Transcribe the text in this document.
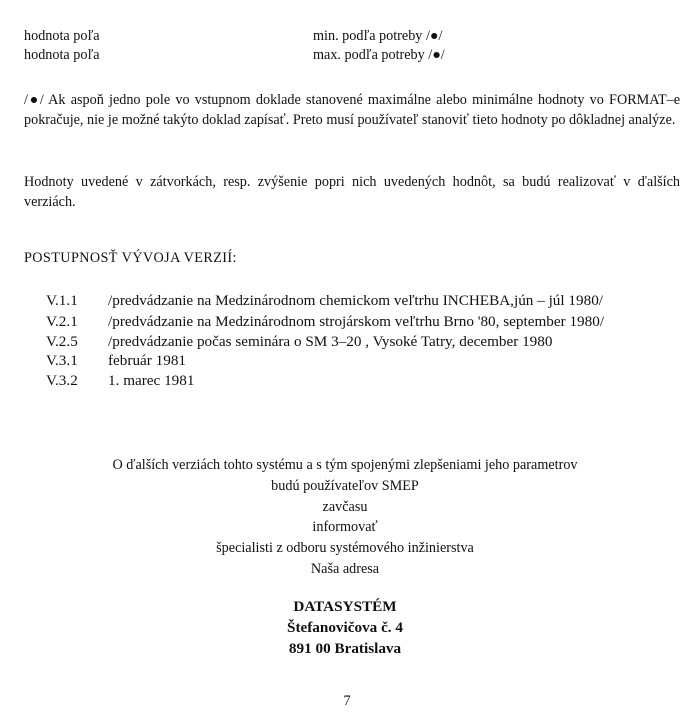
hodnota poľa	min. podľa potreby /●/
hodnota poľa	max. podľa potreby /●/
/●/ Ak aspoň jedno pole vo vstupnom doklade stanovené maximálne alebo minimálne hodnoty vo FORMAT–e pokračuje, nie je možné takýto doklad zapísať. Preto musí používateľ stanoviť tieto hodnoty po dôkladnej analýze.
Hodnoty uvedené v zátvorkách, resp. zvýšenie popri nich uvedených hodnôt, sa budú realizovať v ďalších verziách.
POSTUPNOSŤ VÝVOJA VERZIÍ:
V.1.1 /predvádzanie na Medzinárodnom chemickom veľtrhu INCHEBA,jún – júl 1980/
V.2.1 /predvádzanie na Medzinárodnom strojárskom veľtrhu Brno '80, september 1980/
V.2.5 /predvádzanie počas seminára o SM 3–20 , Vysoké Tatry, december 1980
V.3.1 február 1981
V.3.2 1. marec 1981
O ďalších verziách tohto systému a s tým spojenými zlepšeniami jeho parametrov
budú používateľov SMEP
zavčasu
informovať
špecialisti z odboru systémového inžinierstva
Naša adresa
DATASYSTÉM
Štefanovičova č. 4
891 00 Bratislava
7
